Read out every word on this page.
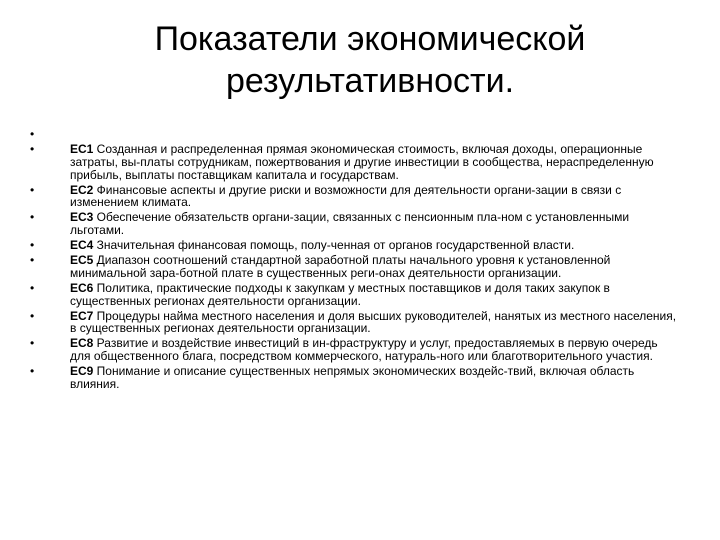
Показатели экономической
результативности.
•
•	ЕС1 Созданная и распределенная прямая экономическая стоимость, включая доходы, операционные затраты, вы-платы сотрудникам, пожертвования и другие инвестиции в сообщества, нераспределенную прибыль, выплаты поставщикам капитала и государствам.
•	ЕС2 Финансовые аспекты и другие риски и возможности для деятельности органи-зации в связи с изменением климата.
•	ЕС3 Обеспечение обязательств органи-зации, связанных с пенсионным пла-ном с установленными льготами.
•	ЕС4 Значительная финансовая помощь, полу-ченная от органов государственной власти.
•	ЕС5 Диапазон соотношений стандартной заработной платы начального уровня к установленной минимальной зара-ботной плате в существенных реги-онах деятельности организации.
•	ЕС6 Политика, практические подходы к закупкам у местных поставщиков и доля таких закупок в существенных регионах деятельности организации.
•	ЕС7 Процедуры найма местного населения и доля высших руководителей, нанятых из местного населения, в существенных регионах деятельности организации.
•	ЕС8 Развитие и воздействие инвестиций в ин-фраструктуру и услуг, предоставляемых в первую очередь для общественного блага, посредством коммерческого, натураль-ного или благотворительного участия.
•	ЕС9 Понимание и описание существенных непрямых экономических воздейс-твий, включая область влияния.
